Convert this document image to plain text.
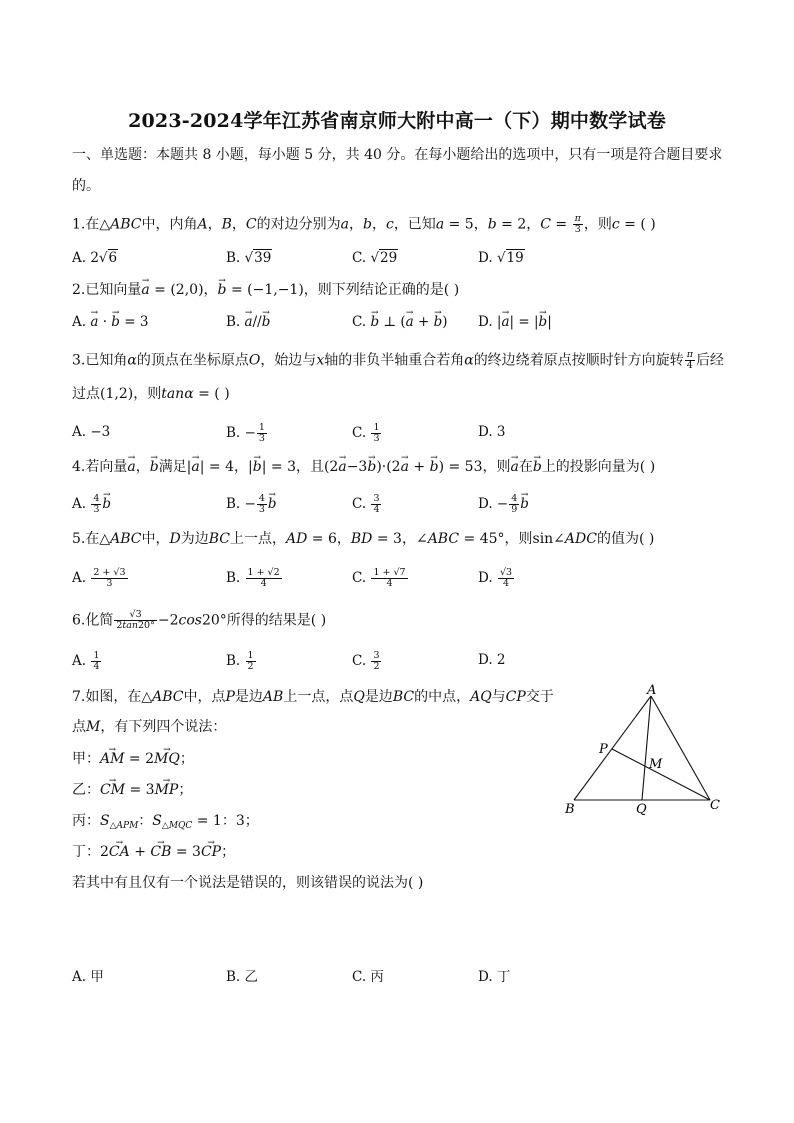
2023-2024学年江苏省南京师大附中高一（下）期中数学试卷
一、单选题：本题共 8 小题，每小题 5 分，共 40 分。在每小题给出的选项中，只有一项是符合题目要求
的。
1.在△ABC中，内角A，B，C的对边分别为a，b，c，已知a = 5，b = 2，$C = \frac{\pi}{3}$ ，则c = ( )
A. 2√6	B. √39	C. √29	D. √19
2.已知向量→ a = (2,0)，→ b = (−1,−1)，则下列结论正确的是( )
A. → a · → b = 3	B. → a//→ b	C. → b ⊥ (→ a + → b) D. |→ a| = |→ b|
3.已知角α的顶点在坐标原点O，始边与x轴的非负半轴重合若角α的终边绕着原点按顺时针方向旋转 $\frac{\pi}{4}$ 后经
过点(1,2)，则tanα = ( )
A. −3	B. − $\frac{1}{3}$	C. $\frac{1}{3}$	D. 3
4.若向量→ a，→ b满足|→ a| = 4，|→ b| = 3，且(2→ a−3→ b)·(2→ a + → b) = 53，则→ a在→ b上的投影向量为( )
A. $\frac{4}{3}$
→ b	B. − $\frac{4}{3}$
→ b	C. $\frac{3}{4}$	D. − $\frac{4}{9}$
→ b
5.在△ABC中，D为边BC上一点，AD = 6，BD = 3，∠ABC = 45°，则sin∠ADC的值为( )
A. $\frac{2 + √3}{3}$	B. $\frac{1 + √2}{4}$	C. $\frac{1 + √7}{4}$	D. $\frac{√3}{4}$
6.化简 $\frac{√3}{2\tan 20^\circ} -2\cos 20^\circ$所得的结果是( )
A. $\frac{1}{4}$	B. $\frac{1}{2}$	C. $\frac{3}{2}$	D. 2
7.如图，在△ABC中，点P是边AB上一点，点Q是边BC的中点，AQ与CP交于
点M，有下列四个说法：
甲：→ AM = 2→ MQ；
乙：→ CM = 3→ MP；
丙：$S_{\triangle APM}$：$S_{\triangle MQC} = 1$：3；
丁：2→ CA + → CB = 3→ CP；
若其中有且仅有一个说法是错误的，则该错误的说法为( )
A. 甲	B. 乙	C. 丙	D. 丁
A
P
M
B	Q	C
